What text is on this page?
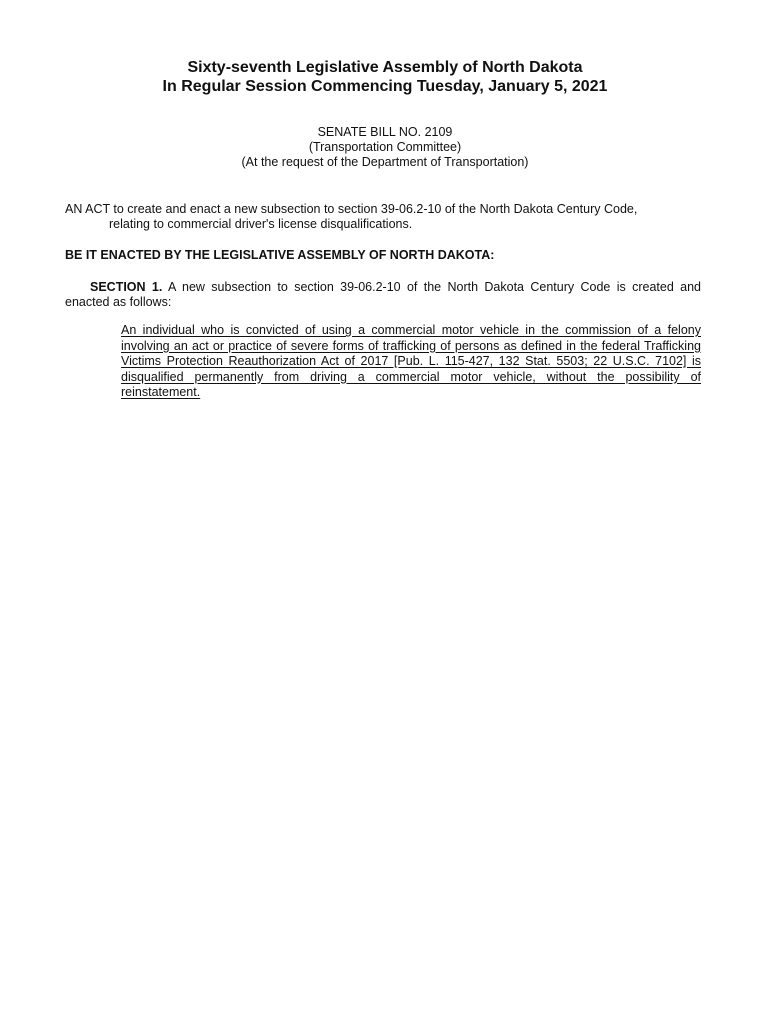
Sixty-seventh Legislative Assembly of North Dakota
In Regular Session Commencing Tuesday, January 5, 2021
SENATE BILL NO. 2109
(Transportation Committee)
(At the request of the Department of Transportation)
AN ACT to create and enact a new subsection to section 39-06.2-10 of the North Dakota Century Code,
relating to commercial driver's license disqualifications.
BE IT ENACTED BY THE LEGISLATIVE ASSEMBLY OF NORTH DAKOTA:
SECTION 1. A new subsection to section 39-06.2-10 of the North Dakota Century Code is created and enacted as follows:
An individual who is convicted of using a commercial motor vehicle in the commission of a felony involving an act or practice of severe forms of trafficking of persons as defined in the federal Trafficking Victims Protection Reauthorization Act of 2017 [Pub. L. 115-427, 132 Stat. 5503; 22 U.S.C. 7102] is disqualified permanently from driving a commercial motor vehicle, without the possibility of reinstatement.
